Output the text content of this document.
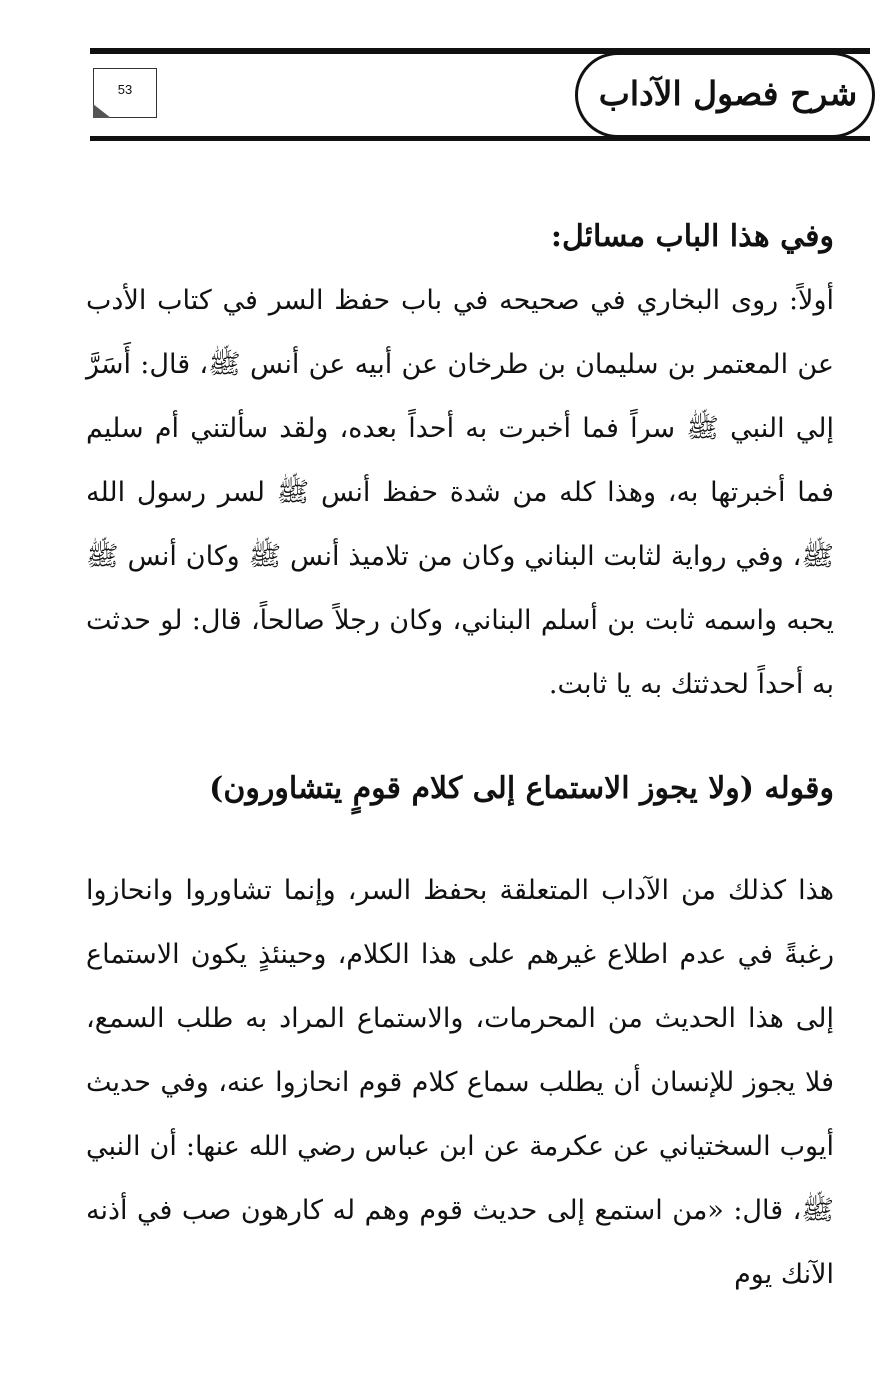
شرح فصول الآداب
53

وفي هذا الباب مسائل:

أولاً: روى البخاري في صحيحه في باب حفظ السر في كتاب الأدب عن المعتمر بن سليمان بن طرخان عن أبيه عن أنس ﷺ، قال: أَسَرَّ إلي النبي ﷺ سراً فما أخبرت به أحداً بعده، ولقد سألتني أم سليم فما أخبرتها به، وهذا كله من شدة حفظ أنس ﷺ لسر رسول الله ﷺ، وفي رواية لثابت البناني وكان من تلاميذ أنس ﷺ وكان أنس ﷺ يحبه واسمه ثابت بن أسلم البناني، وكان رجلاً صالحاً، قال: لو حدثت به أحداً لحدثتك به يا ثابت.

وقوله (ولا يجوز الاستماع إلى كلام قومٍ يتشاورون)

هذا كذلك من الآداب المتعلقة بحفظ السر، وإنما تشاوروا وانحازوا رغبةً في عدم اطلاع غيرهم على هذا الكلام، وحينئذٍ يكون الاستماع إلى هذا الحديث من المحرمات، والاستماع المراد به طلب السمع، فلا يجوز للإنسان أن يطلب سماع كلام قوم انحازوا عنه، وفي حديث أيوب السختياني عن عكرمة عن ابن عباس رضي الله عنها: أن النبي ﷺ، قال: «من استمع إلى حديث قوم وهم له كارهون صب في أذنه الآنك يوم
